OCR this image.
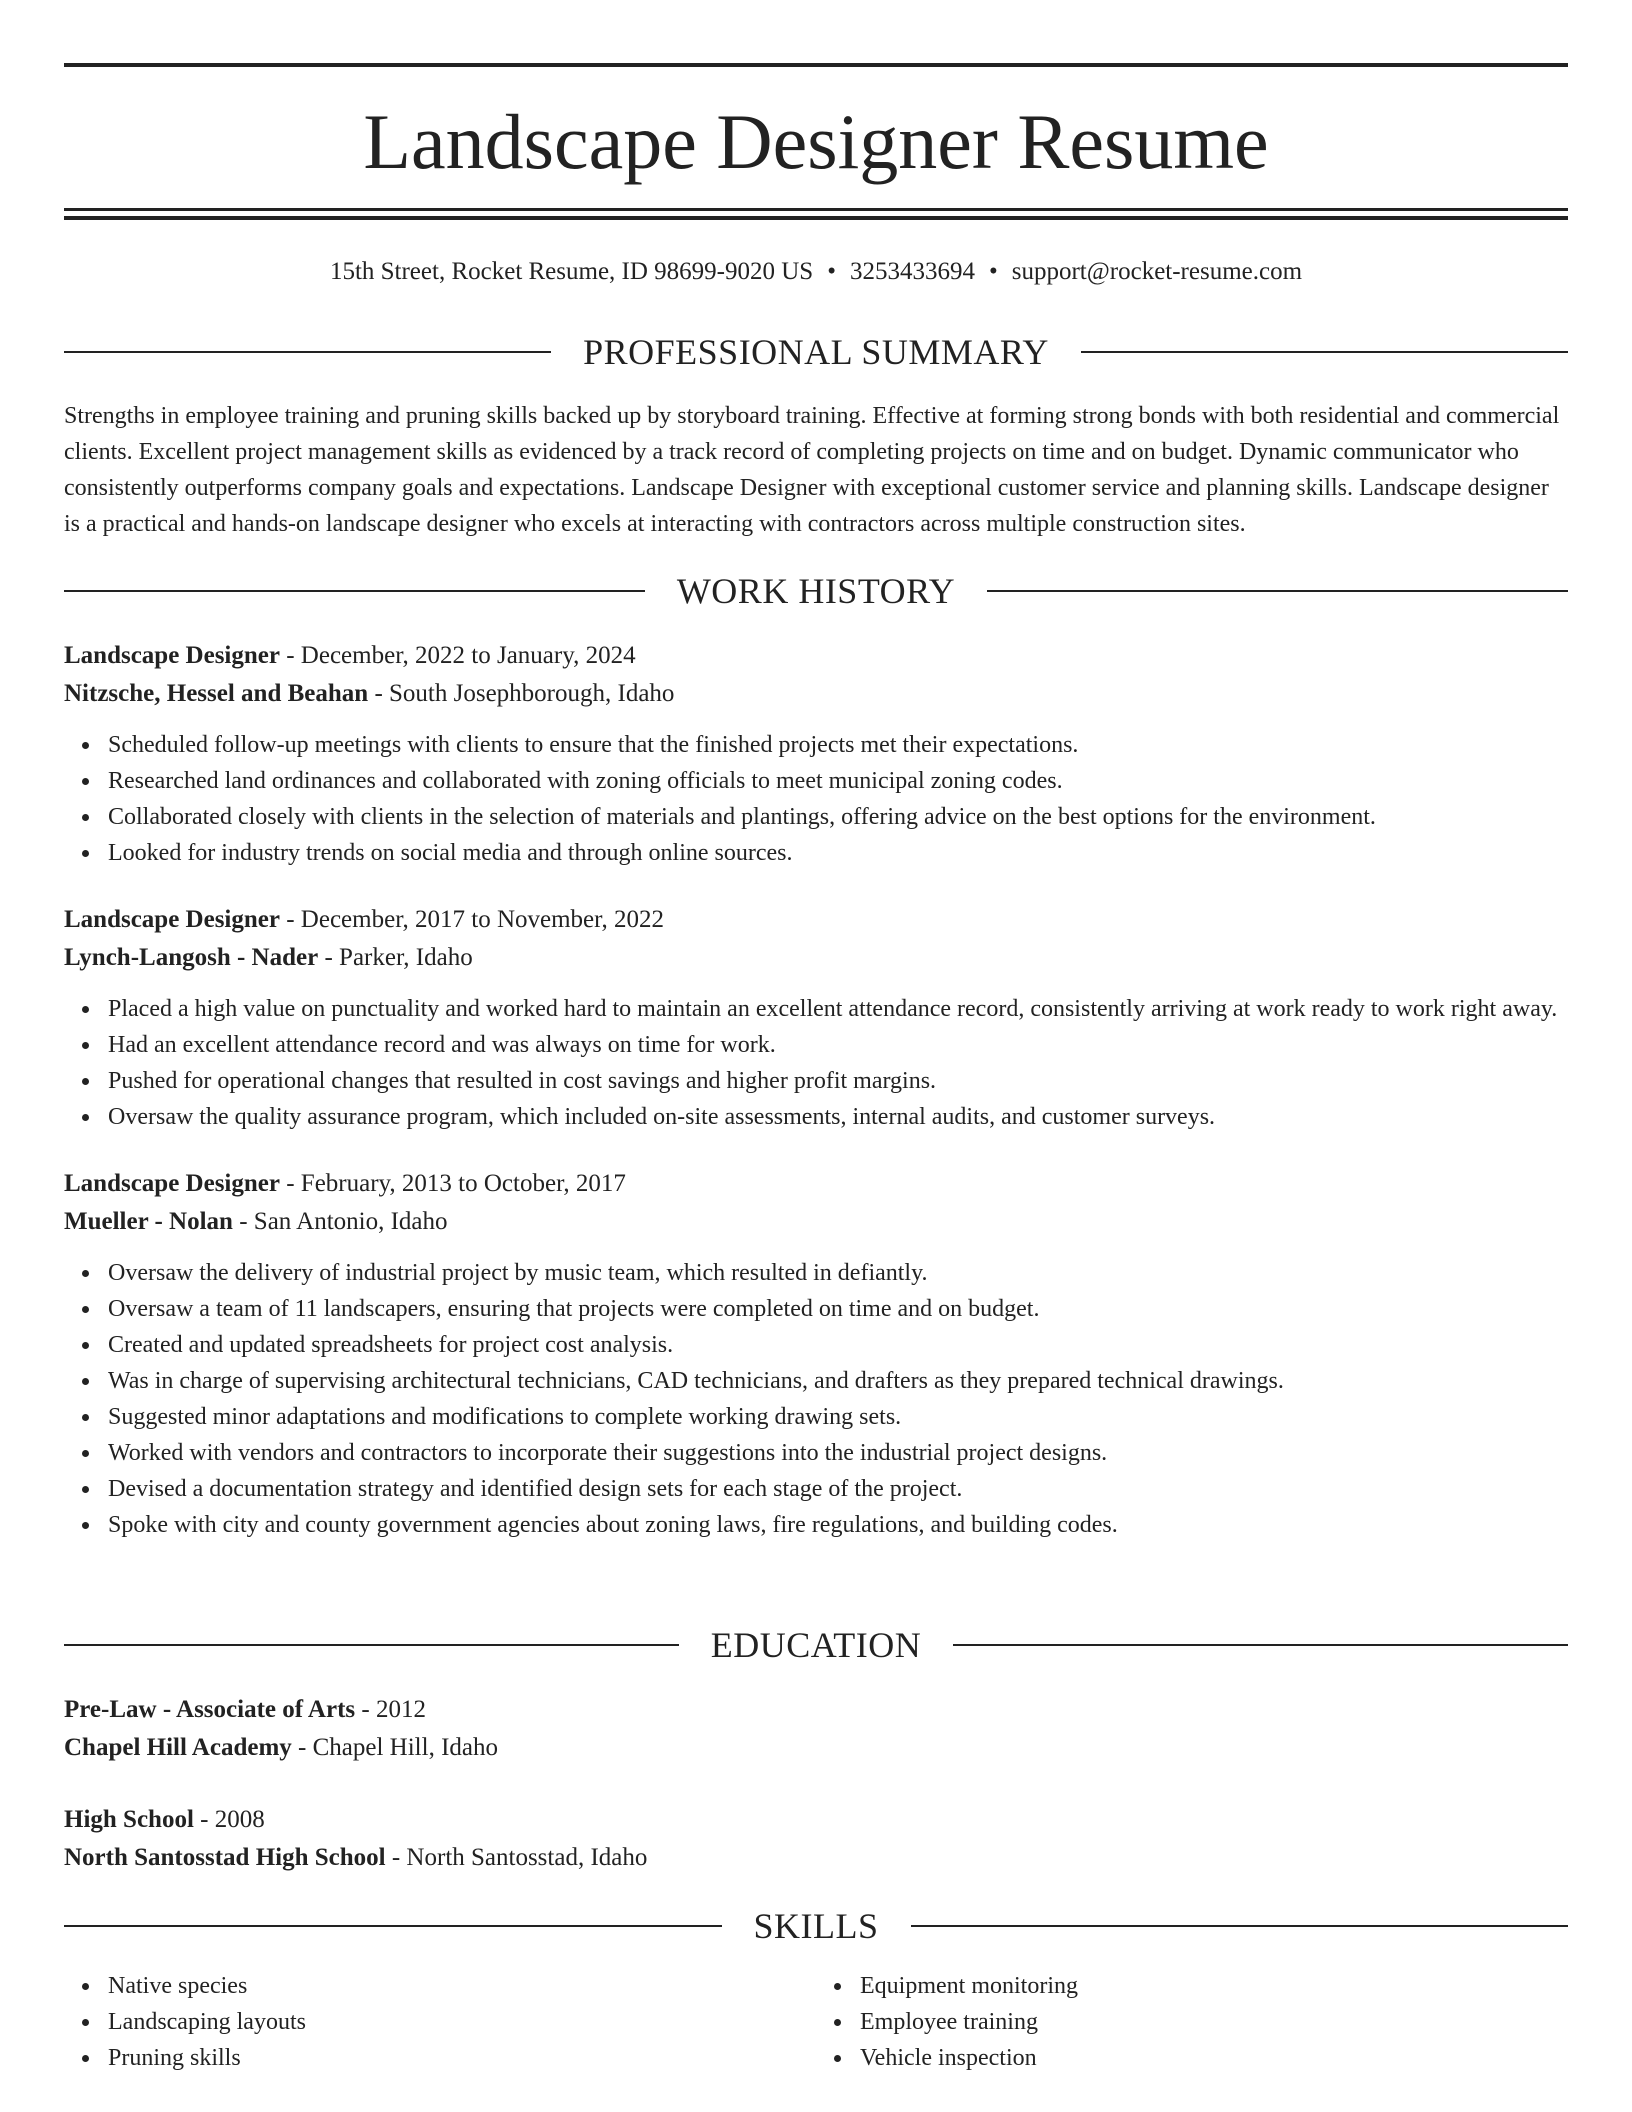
Landscape Designer Resume
15th Street, Rocket Resume, ID 98699-9020 US • 3253433694 • support@rocket-resume.com
PROFESSIONAL SUMMARY

Strengths in employee training and pruning skills backed up by storyboard training. Effective at forming strong bonds with both residential and commercial clients. Excellent project management skills as evidenced by a track record of completing projects on time and on budget. Dynamic communicator who consistently outperforms company goals and expectations. Landscape Designer with exceptional customer service and planning skills. Landscape designer is a practical and hands-on landscape designer who excels at interacting with contractors across multiple construction sites.

WORK HISTORY

Landscape Designer - December, 2022 to January, 2024

Nitzsche, Hessel and Beahan - South Josephborough, Idaho

Scheduled follow-up meetings with clients to ensure that the finished projects met their expectations.
Researched land ordinances and collaborated with zoning officials to meet municipal zoning codes.
Collaborated closely with clients in the selection of materials and plantings, offering advice on the best options for the environment.
Looked for industry trends on social media and through online sources.

Landscape Designer - December, 2017 to November, 2022

Lynch-Langosh - Nader - Parker, Idaho

Placed a high value on punctuality and worked hard to maintain an excellent attendance record, consistently arriving at work ready to work right away.
Had an excellent attendance record and was always on time for work.
Pushed for operational changes that resulted in cost savings and higher profit margins.
Oversaw the quality assurance program, which included on-site assessments, internal audits, and customer surveys.

Landscape Designer - February, 2013 to October, 2017

Mueller - Nolan - San Antonio, Idaho

Oversaw the delivery of industrial project by music team, which resulted in defiantly.
Oversaw a team of 11 landscapers, ensuring that projects were completed on time and on budget.
Created and updated spreadsheets for project cost analysis.
Was in charge of supervising architectural technicians, CAD technicians, and drafters as they prepared technical drawings.
Suggested minor adaptations and modifications to complete working drawing sets.
Worked with vendors and contractors to incorporate their suggestions into the industrial project designs.
Devised a documentation strategy and identified design sets for each stage of the project.
Spoke with city and county government agencies about zoning laws, fire regulations, and building codes.
EDUCATION

Pre-Law - Associate of Arts - 2012

Chapel Hill Academy - Chapel Hill, Idaho

High School - 2008

North Santosstad High School - North Santosstad, Idaho

SKILLS
Native species
Landscaping layouts
Pruning skills
Equipment monitoring
Employee training
Vehicle inspection
